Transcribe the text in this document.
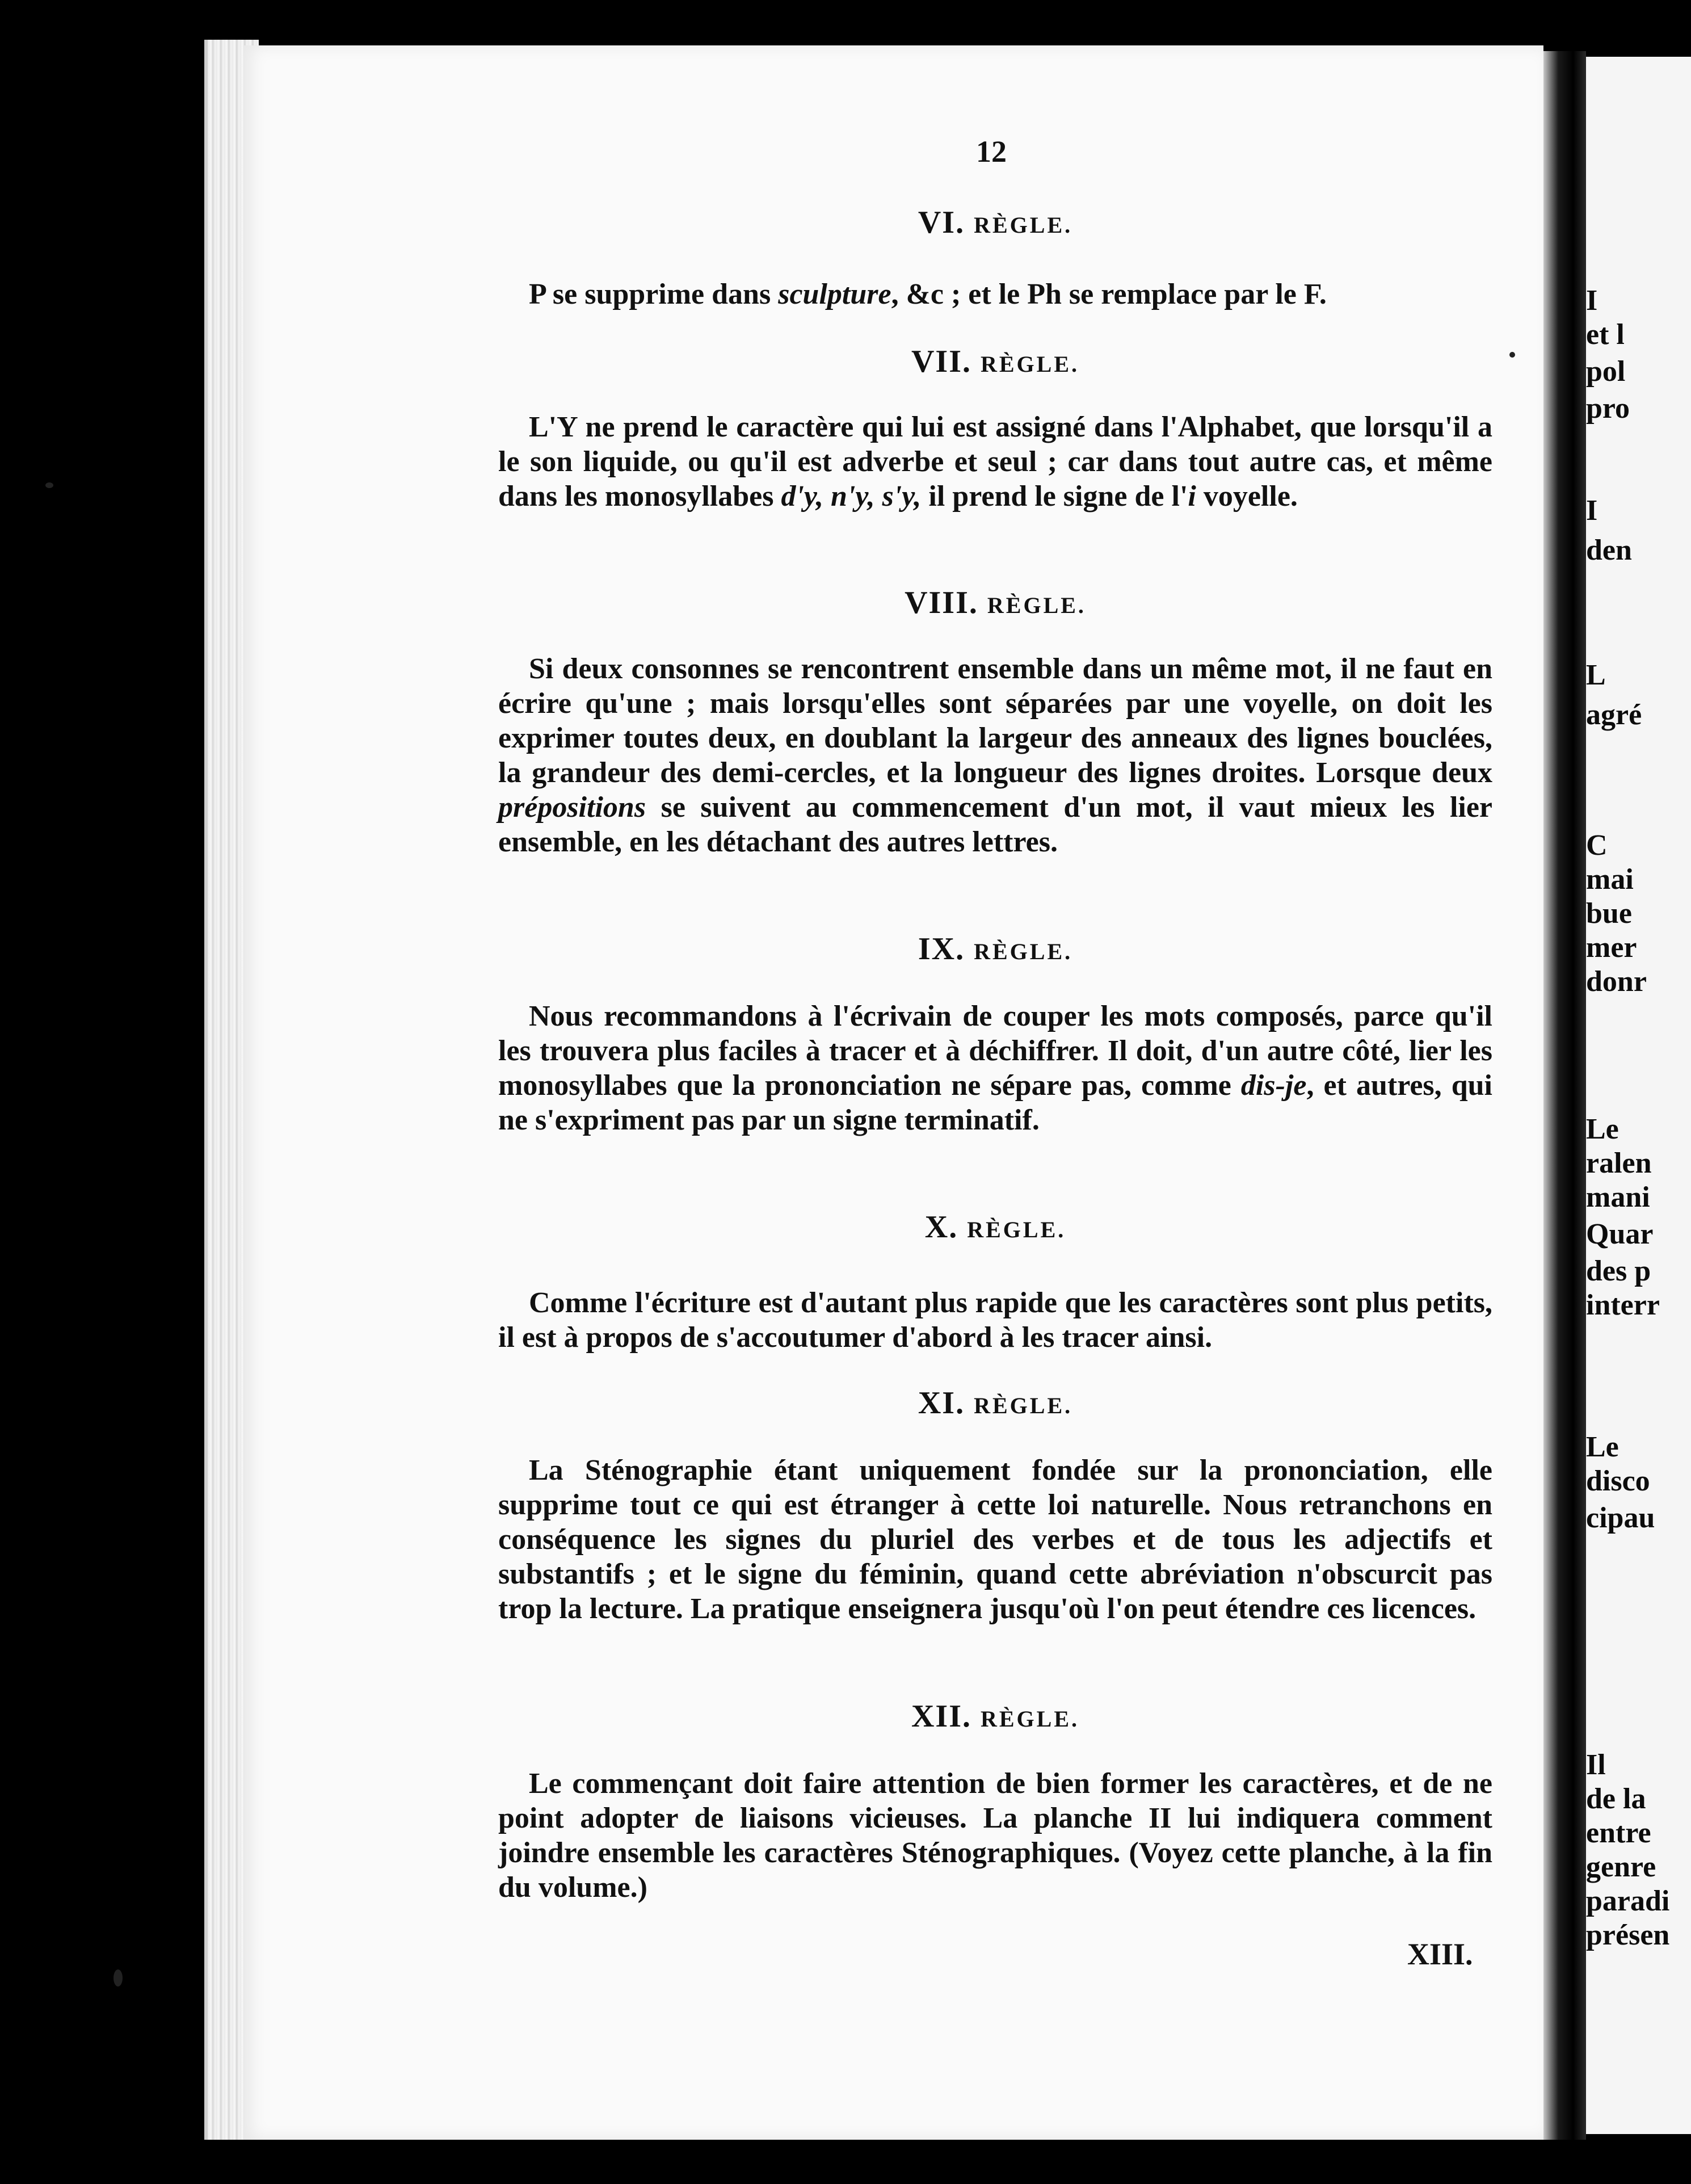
12
VI. RÈGLE.
P se supprime dans sculpture, &c ; et le Ph se remplace par le F.
VII. RÈGLE.
L'Y ne prend le caractère qui lui est assigné dans l'Alphabet, que lorsqu'il a le son liquide, ou qu'il est adverbe et seul ; car dans tout autre cas, et même dans les monosyllabes d'y, n'y, s'y, il prend le signe de l'i voyelle.
VIII. RÈGLE.
Si deux consonnes se rencontrent ensemble dans un même mot, il ne faut en écrire qu'une ; mais lorsqu'elles sont séparées par une voyelle, on doit les exprimer toutes deux, en doublant la largeur des anneaux des lignes bouclées, la grandeur des demi-cercles, et la longueur des lignes droites. Lorsque deux prépositions se suivent au commencement d'un mot, il vaut mieux les lier ensemble, en les détachant des autres lettres.
IX. RÈGLE.
Nous recommandons à l'écrivain de couper les mots composés, parce qu'il les trouvera plus faciles à tracer et à déchiffrer. Il doit, d'un autre côté, lier les monosyllabes que la prononciation ne sépare pas, comme dis-je, et autres, qui ne s'expriment pas par un signe terminatif.
X. RÈGLE.
Comme l'écriture est d'autant plus rapide que les caractères sont plus petits, il est à propos de s'accoutumer d'abord à les tracer ainsi.
XI. RÈGLE.
La Sténographie étant uniquement fondée sur la prononciation, elle supprime tout ce qui est étranger à cette loi naturelle. Nous retranchons en conséquence les signes du pluriel des verbes et de tous les adjectifs et substantifs ; et le signe du féminin, quand cette abréviation n'obscurcit pas trop la lecture. La pratique enseignera jusqu'où l'on peut étendre ces licences.
XII. RÈGLE.
Le commençant doit faire attention de bien former les caractères, et de ne point adopter de liaisons vicieuses. La planche II lui indiquera comment joindre ensemble les caractères Sténographiques. (Voyez cette planche, à la fin du volume.)
XIII.
I
et l
pol
pro
I
den
L
agré
C
mai
bue
mer
donr
Le
ralen
mani
Quar
des p
interr
Le
disco
cipau
Il
de la
entre
genre
paradi
présen
